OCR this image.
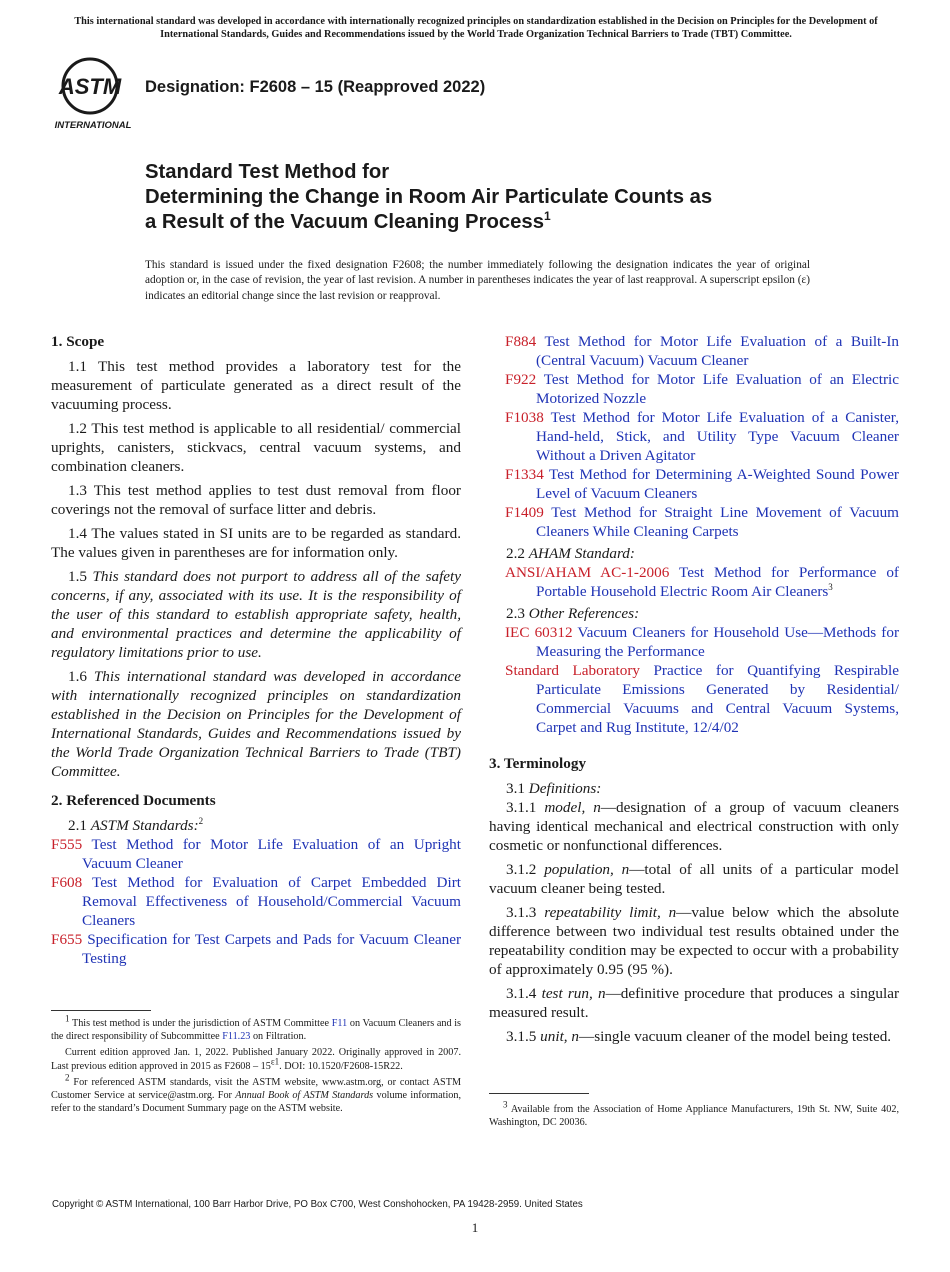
This international standard was developed in accordance with internationally recognized principles on standardization established in the Decision on Principles for the Development of International Standards, Guides and Recommendations issued by the World Trade Organization Technical Barriers to Trade (TBT) Committee.
ASTM
INTERNATIONAL
Designation: F2608 – 15 (Reapproved 2022)
Standard Test Method for
Determining the Change in Room Air Particulate Counts as
a Result of the Vacuum Cleaning Process$^1$
This standard is issued under the fixed designation F2608; the number immediately following the designation indicates the year of original adoption or, in the case of revision, the year of last revision. A number in parentheses indicates the year of last reapproval. A superscript epsilon (ε) indicates an editorial change since the last revision or reapproval.
1. Scope

1.1 This test method provides a laboratory test for the measurement of particulate generated as a direct result of the vacuuming process.

1.2 This test method is applicable to all residential/ commercial uprights, canisters, stickvacs, central vacuum systems, and combination cleaners.

1.3 This test method applies to test dust removal from floor coverings not the removal of surface litter and debris.

1.4 The values stated in SI units are to be regarded as standard. The values given in parentheses are for information only.

1.5 This standard does not purport to address all of the safety concerns, if any, associated with its use. It is the responsibility of the user of this standard to establish appropriate safety, health, and environmental practices and determine the applicability of regulatory limitations prior to use.

1.6 This international standard was developed in accordance with internationally recognized principles on standardization established in the Decision on Principles for the Development of International Standards, Guides and Recommendations issued by the World Trade Organization Technical Barriers to Trade (TBT) Committee.

2. Referenced Documents

2.1 ASTM Standards:$^2$

F555 Test Method for Motor Life Evaluation of an Upright Vacuum Cleaner

F608 Test Method for Evaluation of Carpet Embedded Dirt Removal Effectiveness of Household/Commercial Vacuum Cleaners

F655 Specification for Test Carpets and Pads for Vacuum Cleaner Testing

$^1$ This test method is under the jurisdiction of ASTM Committee F11 on Vacuum Cleaners and is the direct responsibility of Subcommittee F11.23 on Filtration.

Current edition approved Jan. 1, 2022. Published January 2022. Originally approved in 2007. Last previous edition approved in 2015 as $F2608 - 15^{\varepsilon 1}$. DOI: 10.1520/F2608-15R22.

$^2$ For referenced ASTM standards, visit the ASTM website, www.astm.org, or contact ASTM Customer Service at service@astm.org. For Annual Book of ASTM Standards volume information, refer to the standard’s Document Summary page on the ASTM website.

F884 Test Method for Motor Life Evaluation of a Built-In (Central Vacuum) Vacuum Cleaner

F922 Test Method for Motor Life Evaluation of an Electric Motorized Nozzle

F1038 Test Method for Motor Life Evaluation of a Canister, Hand-held, Stick, and Utility Type Vacuum Cleaner Without a Driven Agitator

F1334 Test Method for Determining A-Weighted Sound Power Level of Vacuum Cleaners

F1409 Test Method for Straight Line Movement of Vacuum Cleaners While Cleaning Carpets

2.2 AHAM Standard:

ANSI/AHAM AC-1-2006 Test Method for Performance of Portable Household Electric Room Air Cleaners$^3$

2.3 Other References:

IEC 60312 Vacuum Cleaners for Household Use—Methods for Measuring the Performance

Standard Laboratory Practice for Quantifying Respirable Particulate Emissions Generated by Residential/ Commercial Vacuums and Central Vacuum Systems, Carpet and Rug Institute, 12/4/02

3. Terminology

3.1 Definitions:

3.1.1 model, n—designation of a group of vacuum cleaners having identical mechanical and electrical construction with only cosmetic or nonfunctional differences.

3.1.2 population, n—total of all units of a particular model vacuum cleaner being tested.

3.1.3 repeatability limit, n—value below which the absolute difference between two individual test results obtained under the repeatability condition may be expected to occur with a probability of approximately 0.95 (95 %).

3.1.4 test run, n—definitive procedure that produces a singular measured result.

3.1.5 unit, n—single vacuum cleaner of the model being tested.

$^3$ Available from the Association of Home Appliance Manufacturers, 19th St. NW, Suite 402, Washington, DC 20036.

Copyright © ASTM International, 100 Barr Harbor Drive, PO Box C700, West Conshohocken, PA 19428-2959. United States
1
